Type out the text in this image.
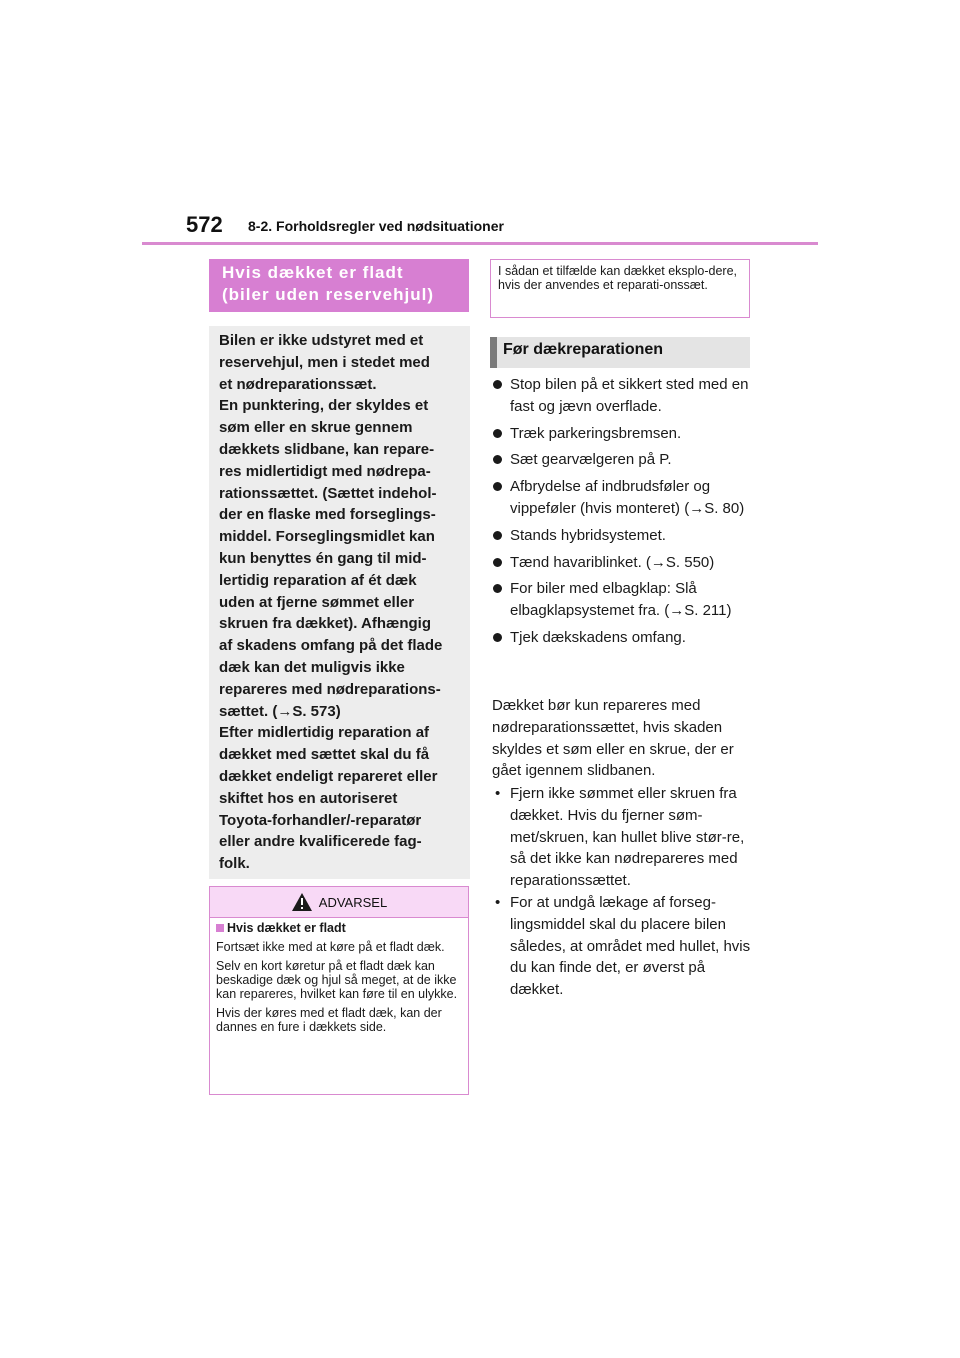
572 8-2. Forholdsregler ved nødsituationer
Hvis dækket er fladt
(biler uden reservehjul)

Bilen er ikke udstyret med et

reservehjul, men i stedet med

et nødreparationssæt.

En punktering, der skyldes et

søm eller en skrue gennem

dækkets slidbane, kan repare-

res midlertidigt med nødrepa-

rationssættet. (Sættet indehol-

der en flaske med forseglings-

middel. Forseglingsmidlet kan

kun benyttes én gang til mid-

lertidig reparation af ét dæk

uden at fjerne sømmet eller

skruen fra dækket). Afhængig

af skadens omfang på det flade

dæk kan det muligvis ikke

repareres med nødreparations-

sættet. (→S. 573)

Efter midlertidig reparation af

dækket med sættet skal du få

dækket endeligt repareret eller

skiftet hos en autoriseret

Toyota-forhandler/-reparatør

eller andre kvalificerede fag-

folk.

ADVARSEL

Hvis dækket er fladt

Fortsæt ikke med at køre på et fladt dæk.

Selv en kort køretur på et fladt dæk kan beskadige dæk og hjul så meget, at de ikke kan repareres, hvilket kan føre til en ulykke.

Hvis der køres med et fladt dæk, kan der dannes en fure i dækkets side.

I sådan et tilfælde kan dækket eksplo-dere, hvis der anvendes et reparati-onssæt.
Før dækreparationen
Stop bilen på et sikkert sted med en fast og jævn overflade.
Træk parkeringsbremsen.
Sæt gearvælgeren på P.
Afbrydelse af indbrudsføler og vippeføler (hvis monteret) (→S. 80)
Stands hybridsystemet.
Tænd havariblinket. (→S. 550)
For biler med elbagklap: Slå elbagklapsystemet fra. (→S. 211)
Tjek dækskadens omfang.

Dækket bør kun repareres med nødreparationssættet, hvis skaden skyldes et søm eller en skrue, der er gået igennem slidbanen.

• Fjern ikke sømmet eller skruen fra dækket. Hvis du fjerner søm-met/skruen, kan hullet blive stør-re, så det ikke kan nødrepareres med reparationssættet.
• For at undgå lækage af forseg-lingsmiddel skal du placere bilen således, at området med hullet, hvis du kan finde det, er øverst på dækket.
